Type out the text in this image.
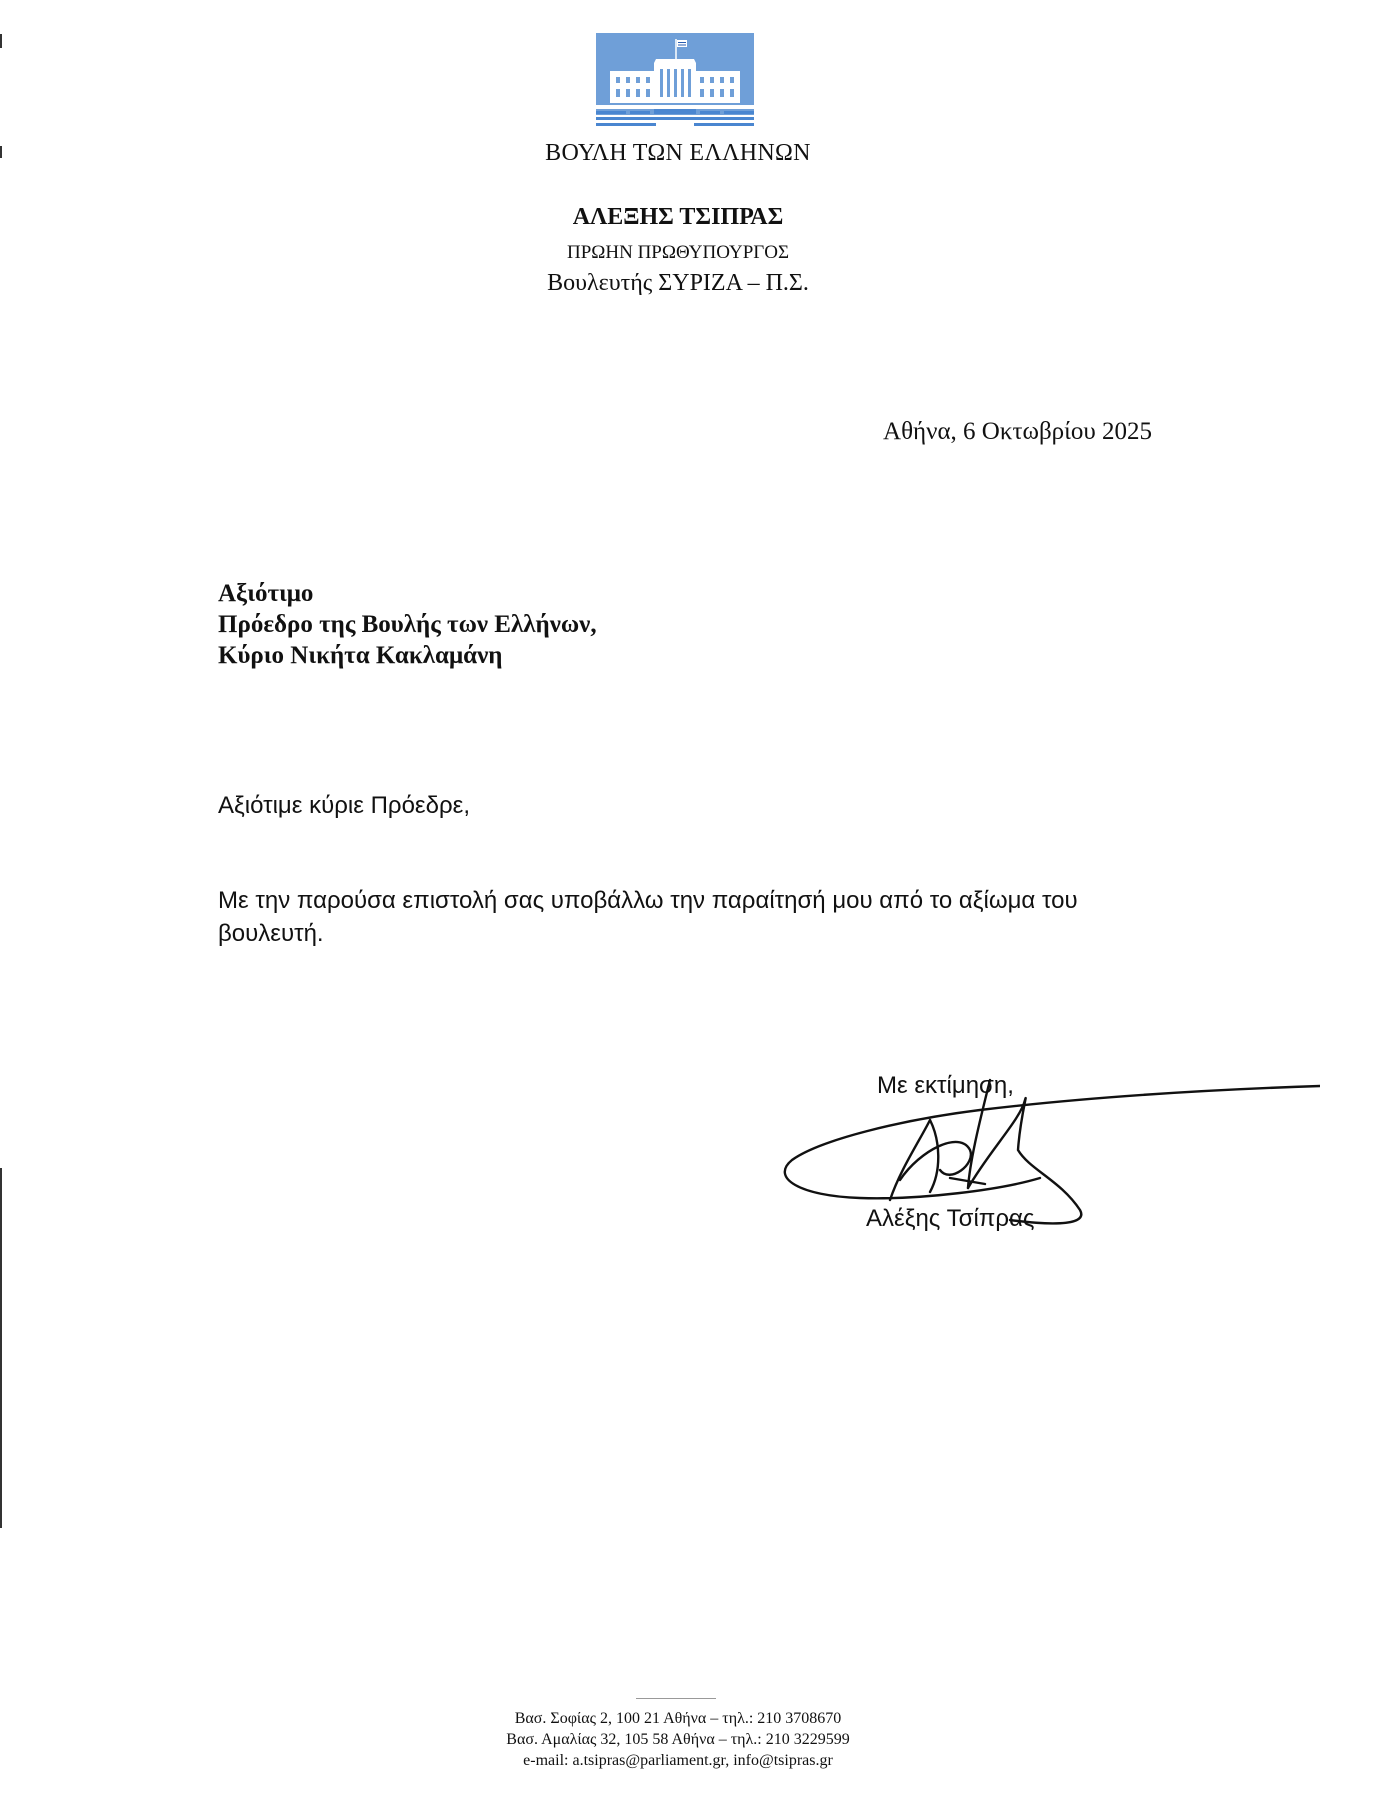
ΒΟΥΛΗ ΤΩΝ ΕΛΛΗΝΩΝ
ΑΛΕΞΗΣ ΤΣΙΠΡΑΣ
ΠΡΩΗΝ ΠΡΩΘΥΠΟΥΡΓΟΣ
Βουλευτής ΣΥΡΙΖΑ – Π.Σ.
Αθήνα, 6 Οκτωβρίου 2025
Αξιότιμο
Πρόεδρο της Βουλής των Ελλήνων,
Κύριο Νικήτα Κακλαμάνη
Αξιότιμε κύριε Πρόεδρε,
Με την παρούσα επιστολή σας υποβάλλω την παραίτησή μου από το αξίωμα του βουλευτή.
Με εκτίμηση,
Αλέξης Τσίπρας
Βασ. Σοφίας 2, 100 21 Αθήνα – τηλ.: 210 3708670
Βασ. Αμαλίας 32, 105 58 Αθήνα – τηλ.: 210 3229599
e-mail: a.tsipras@parliament.gr, info@tsipras.gr
